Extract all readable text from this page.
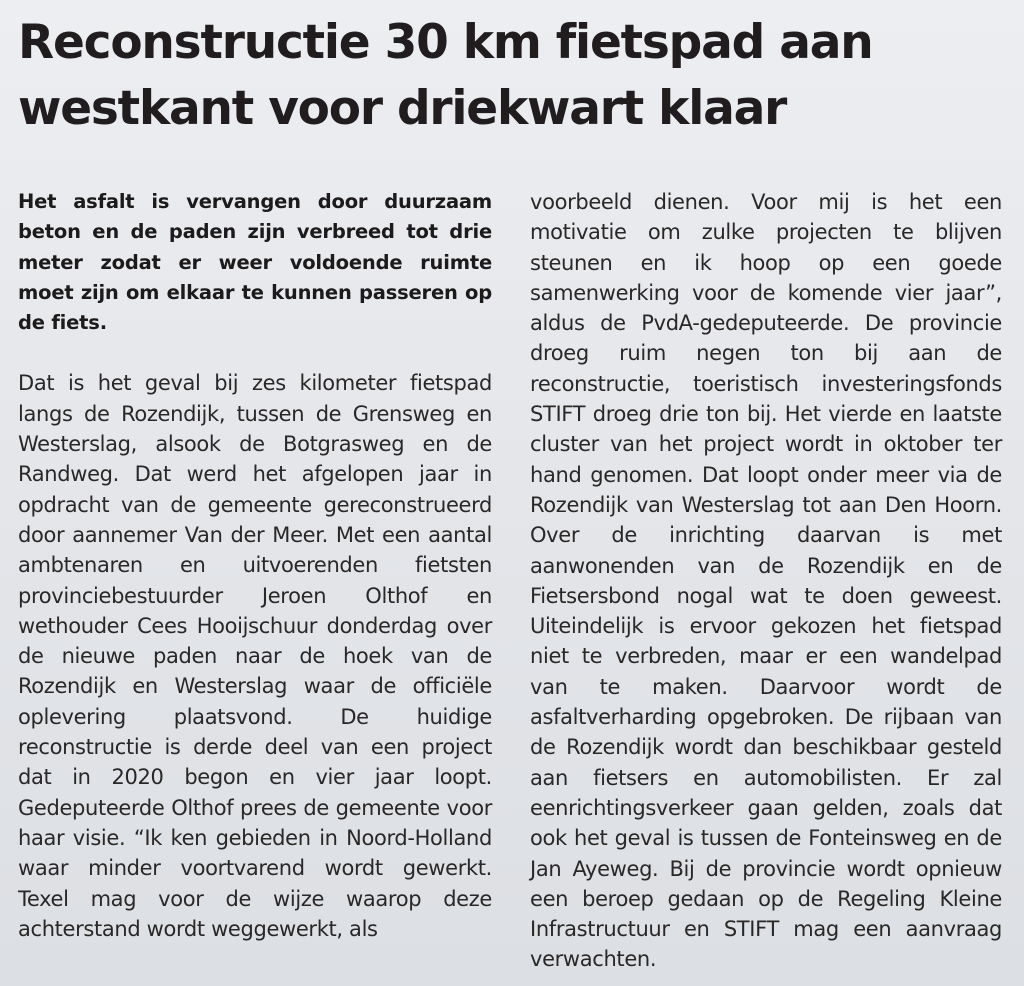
Reconstructie 30 km fietspad aan westkant voor driekwart klaar

Het asfalt is vervangen door duurzaam beton en de paden zijn verbreed tot drie meter zodat er weer voldoende ruimte moet zijn om elkaar te kunnen passeren op de fiets.

Dat is het geval bij zes kilometer fietspad langs de Rozendijk, tussen de Grensweg en Westerslag, alsook de Botgrasweg en de Randweg. Dat werd het afgelopen jaar in opdracht van de gemeente gereconstrueerd door aannemer Van der Meer. Met een aantal ambtenaren en uitvoerenden fietsten provinciebestuurder Jeroen Olthof en wethouder Cees Hooijschuur donderdag over de nieuwe paden naar de hoek van de Rozendijk en Westerslag waar de officiële oplevering plaatsvond. De huidige reconstructie is derde deel van een project dat in 2020 begon en vier jaar loopt. Gedeputeerde Olthof prees de gemeente voor haar visie. “Ik ken gebieden in Noord-Holland waar minder voortvarend wordt gewerkt. Texel mag voor de wijze waarop deze achterstand wordt weggewerkt, als

voorbeeld dienen. Voor mij is het een motivatie om zulke projecten te blijven steunen en ik hoop op een goede samenwerking voor de komende vier jaar”, aldus de PvdA-gedeputeerde. De provincie droeg ruim negen ton bij aan de reconstructie, toeristisch investeringsfonds STIFT droeg drie ton bij. Het vierde en laatste cluster van het project wordt in oktober ter hand genomen. Dat loopt onder meer via de Rozendijk van Westerslag tot aan Den Hoorn. Over de inrichting daarvan is met aanwonenden van de Rozendijk en de Fietsersbond nogal wat te doen geweest. Uiteindelijk is ervoor gekozen het fietspad niet te verbreden, maar er een wandelpad van te maken. Daarvoor wordt de asfaltverharding opgebroken. De rijbaan van de Rozendijk wordt dan beschikbaar gesteld aan fietsers en automobilisten. Er zal eenrichtingsverkeer gaan gelden, zoals dat ook het geval is tussen de Fonteinsweg en de Jan Ayeweg. Bij de provincie wordt opnieuw een beroep gedaan op de Regeling Kleine Infrastructuur en STIFT mag een aanvraag verwachten.
